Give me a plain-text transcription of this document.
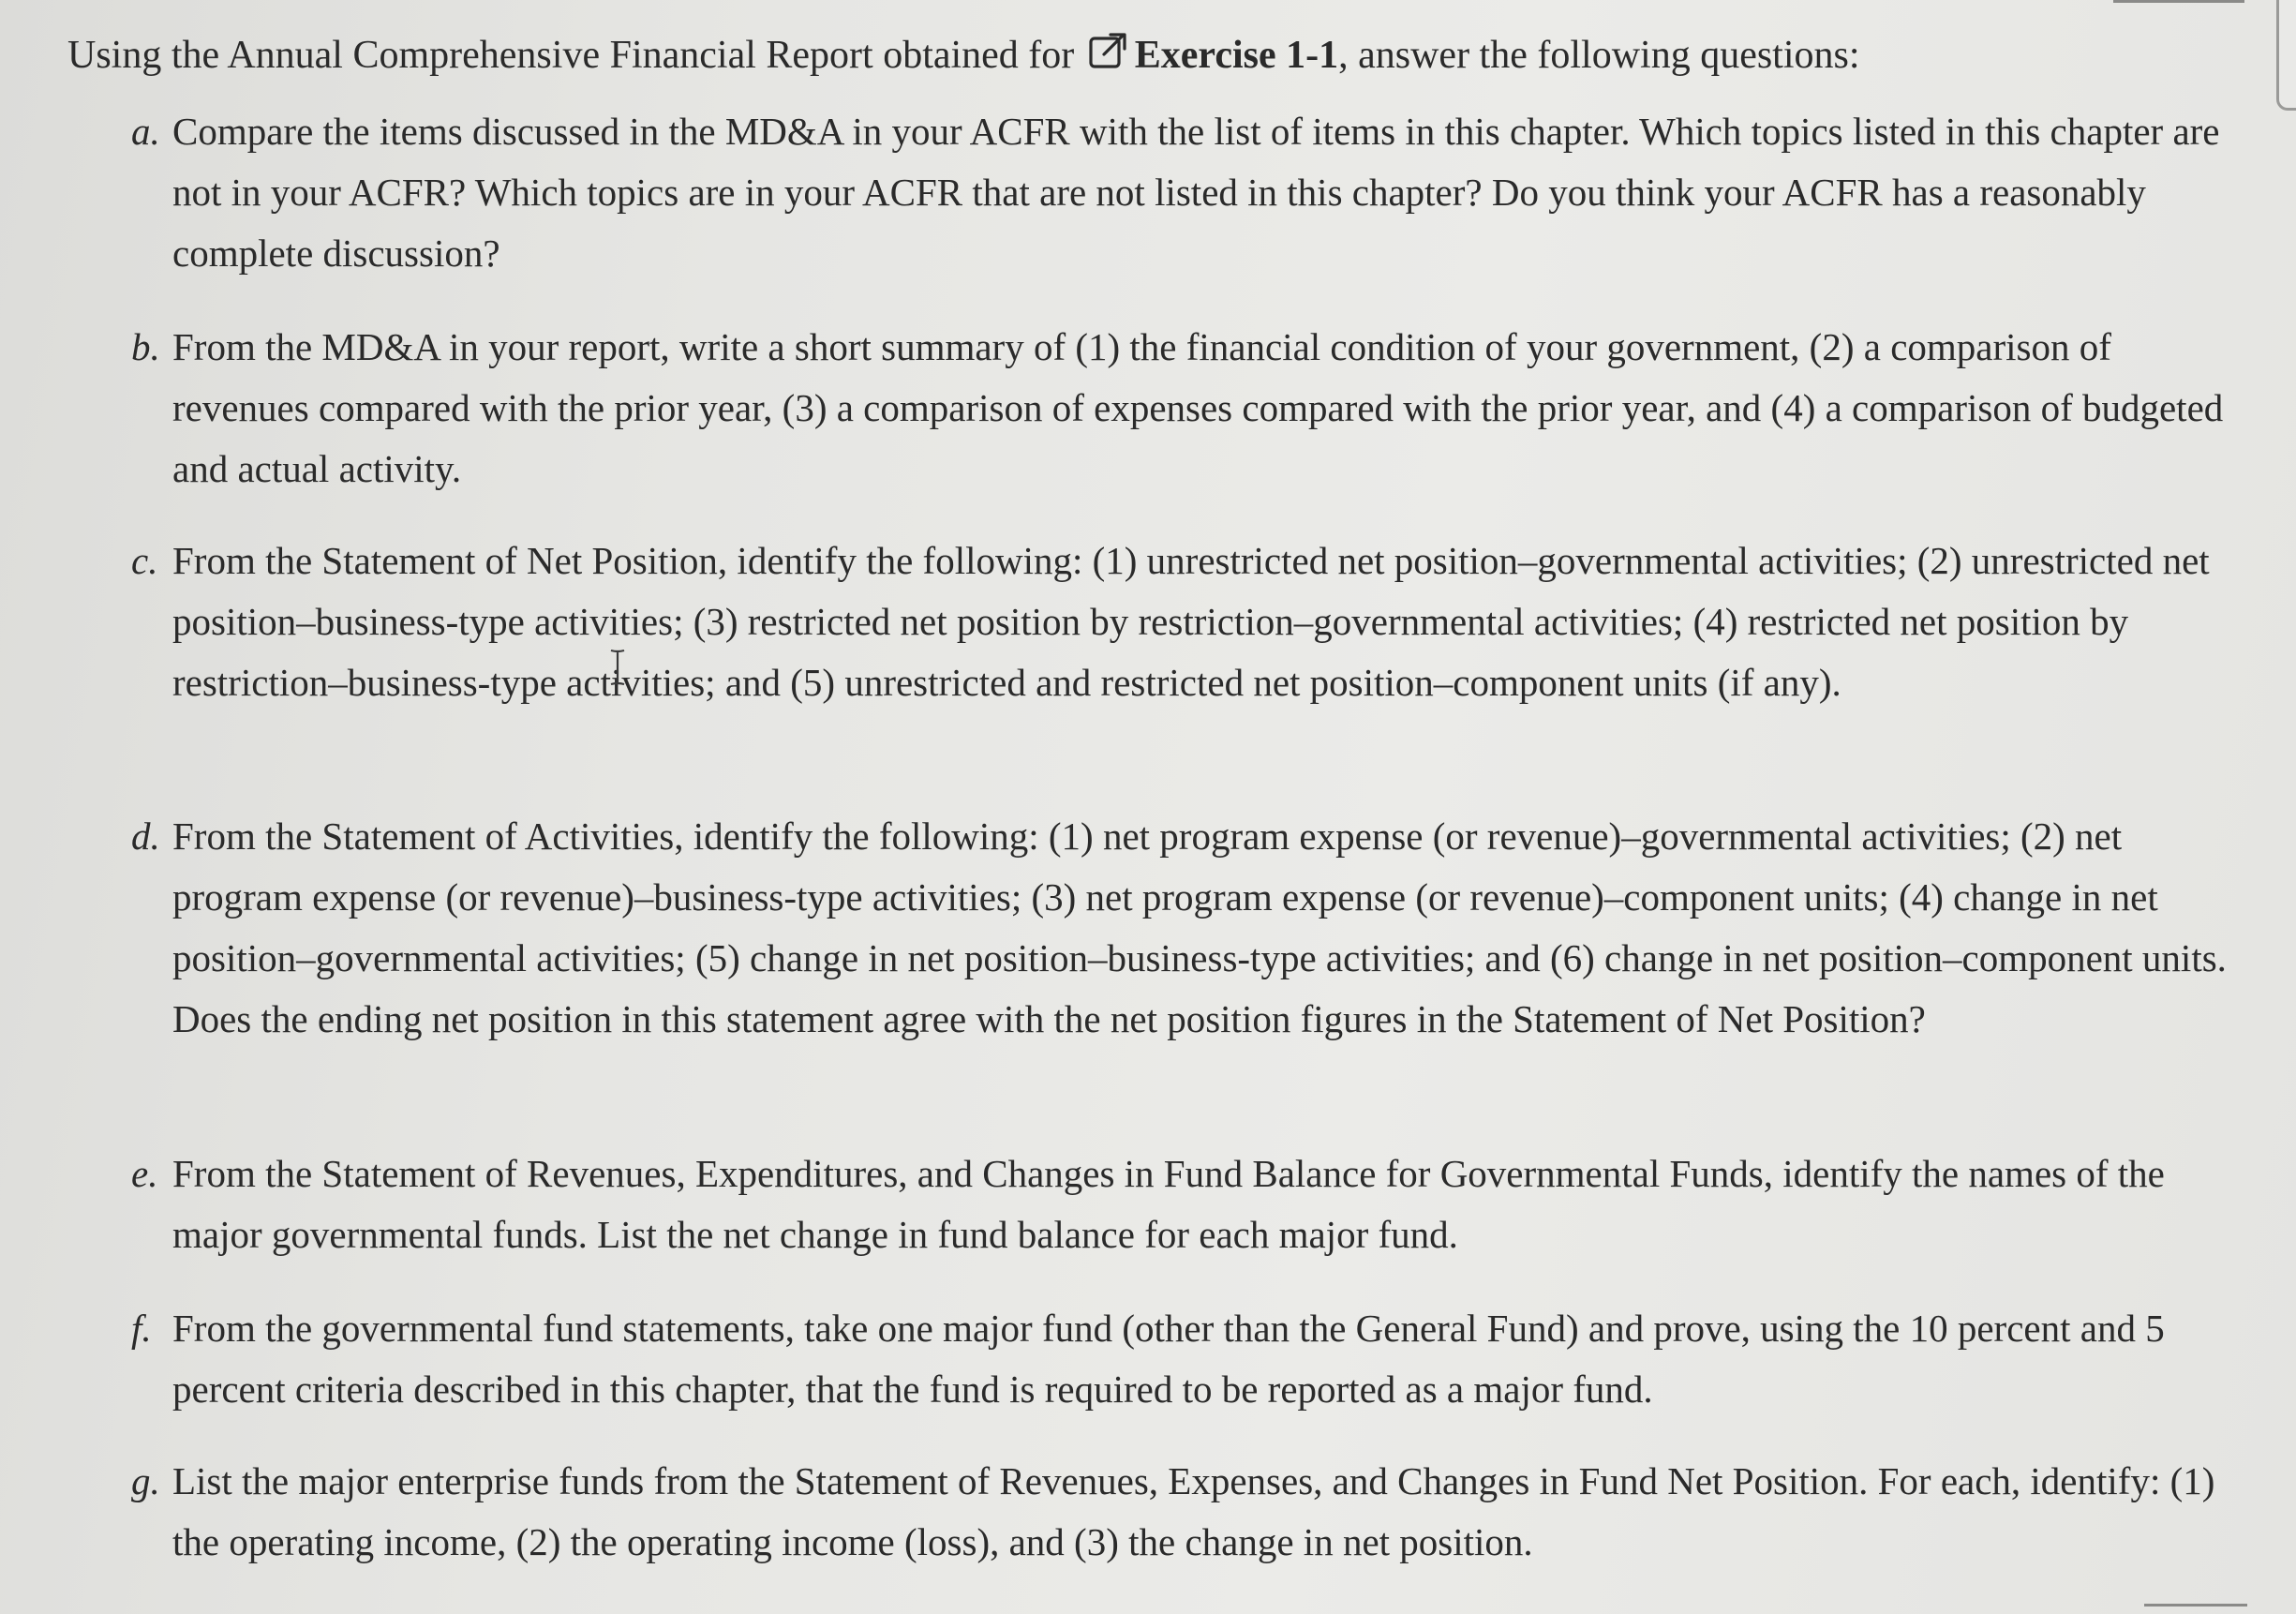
Using the Annual Comprehensive Financial Report obtained for Exercise 1-1, answer the following questions:
a. Compare the items discussed in the MD&A in your ACFR with the list of items in this chapter. Which topics listed in this chapter are not in your ACFR? Which topics are in your ACFR that are not listed in this chapter? Do you think your ACFR has a reasonably complete discussion?
b. From the MD&A in your report, write a short summary of (1) the financial condition of your government, (2) a comparison of revenues compared with the prior year, (3) a comparison of expenses compared with the prior year, and (4) a comparison of budgeted and actual activity.
c. From the Statement of Net Position, identify the following: (1) unrestricted net position–governmental activities; (2) unrestricted net position–business-type activities; (3) restricted net position by restriction–governmental activities; (4) restricted net position by restriction–business-type activities; and (5) unrestricted and restricted net position–component units (if any).
d. From the Statement of Activities, identify the following: (1) net program expense (or revenue)–governmental activities; (2) net program expense (or revenue)–business-type activities; (3) net program expense (or revenue)–component units; (4) change in net position–governmental activities; (5) change in net position–business-type activities; and (6) change in net position–component units. Does the ending net position in this statement agree with the net position figures in the Statement of Net Position?
e. From the Statement of Revenues, Expenditures, and Changes in Fund Balance for Governmental Funds, identify the names of the major governmental funds. List the net change in fund balance for each major fund.
f. From the governmental fund statements, take one major fund (other than the General Fund) and prove, using the 10 percent and 5 percent criteria described in this chapter, that the fund is required to be reported as a major fund.
g. List the major enterprise funds from the Statement of Revenues, Expenses, and Changes in Fund Net Position. For each, identify: (1) the operating income, (2) the operating income (loss), and (3) the change in net position.
